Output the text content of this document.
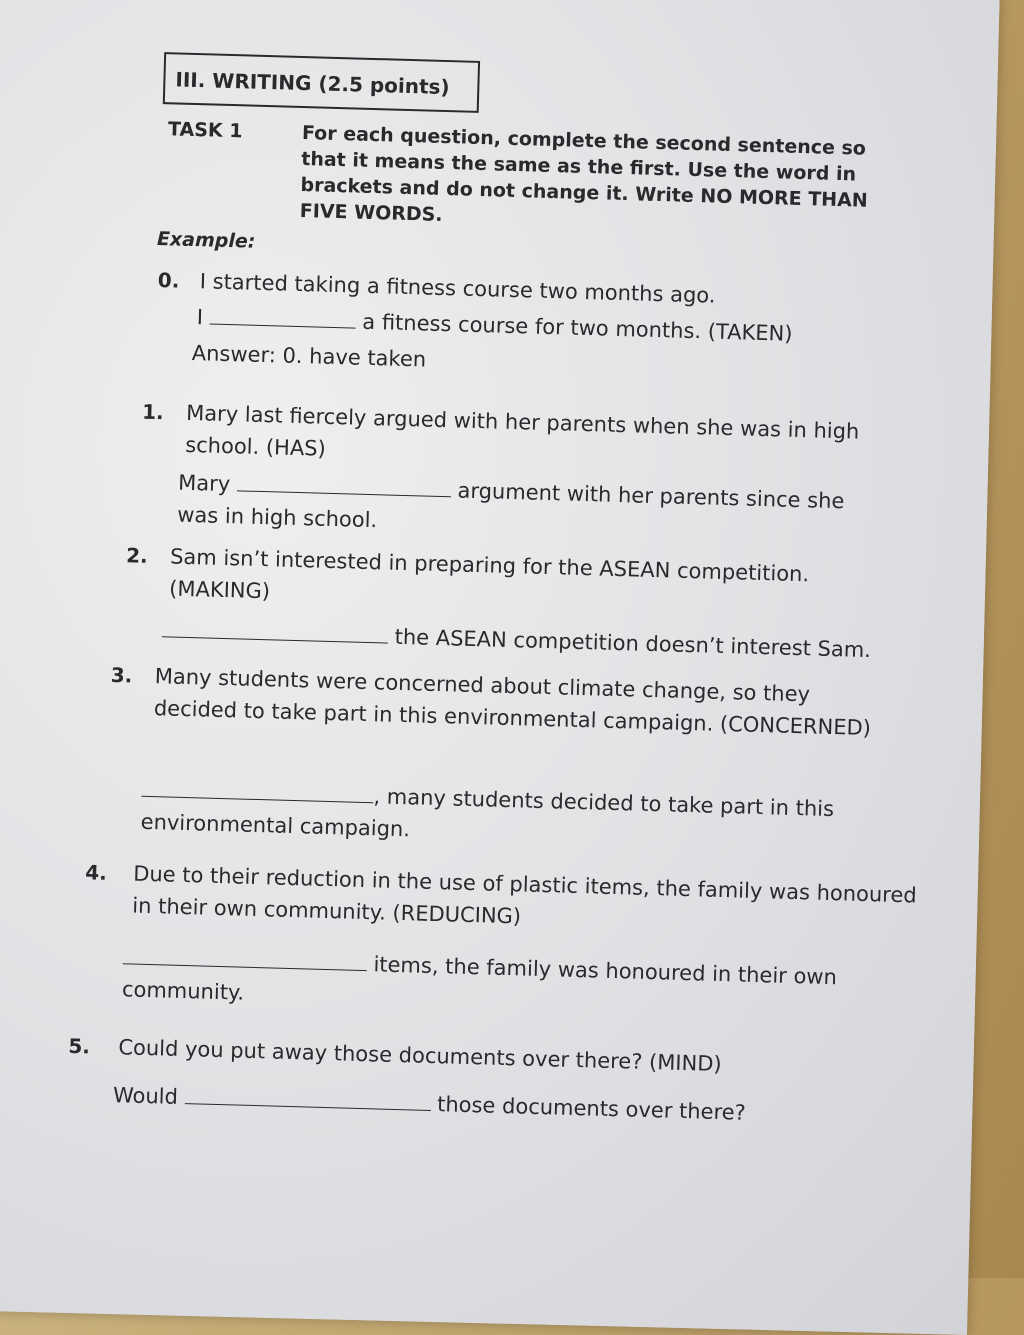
III. WRITING (2.5 points)
TASK 1	For each question, complete the second sentence so that it means the same as the first. Use the word in brackets and do not change it. Write NO MORE THAN FIVE WORDS.
Example:
0. I started taking a fitness course two months ago.
I	a fitness course for two months. (TAKEN)
Answer: 0. have taken
1. Mary last fiercely argued with her parents when she was in high school. (HAS)
Mary	argument with her parents since she was in high school.
2. Sam isn’t interested in preparing for the ASEAN competition. (MAKING)
the ASEAN competition doesn’t interest Sam.
3. Many students were concerned about climate change, so they decided to take part in this environmental campaign. (CONCERNED)
, many students decided to take part in this environmental campaign.
4. Due to their reduction in the use of plastic items, the family was honoured in their own community. (REDUCING)
items, the family was honoured in their own community.
5. Could you put away those documents over there? (MIND)
Would	those documents over there?
